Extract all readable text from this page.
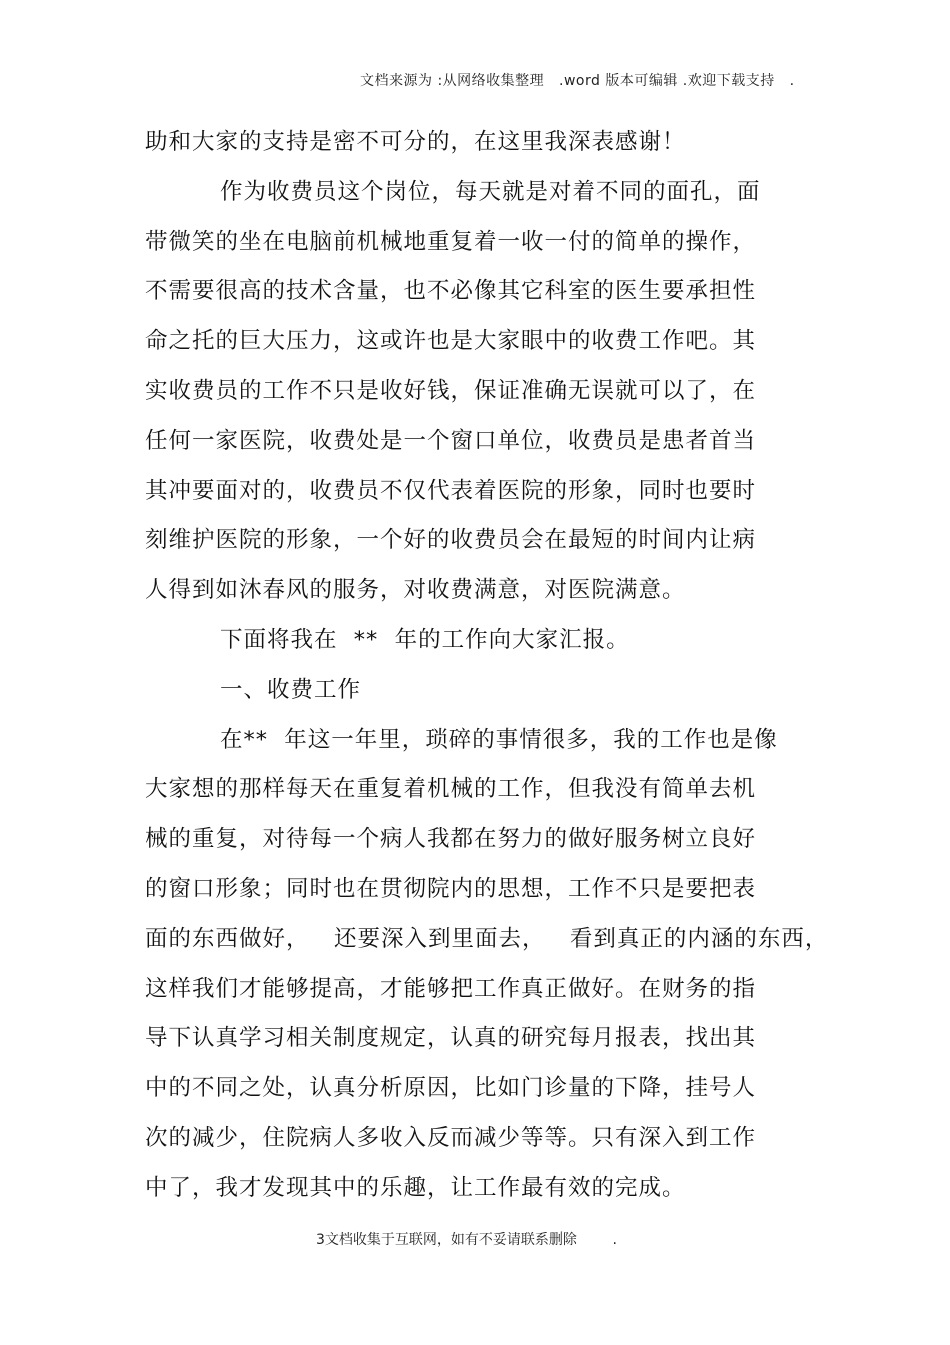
文档来源为 :从网络收集整理   .word 版本可编辑 .欢迎下载支持   .
助和大家的支持是密不可分的，在这里我深表感谢！
作为收费员这个岗位，每天就是对着不同的面孔，面
带微笑的坐在电脑前机械地重复着一收一付的简单的操作，
不需要很高的技术含量，也不必像其它科室的医生要承担性
命之托的巨大压力，这或许也是大家眼中的收费工作吧。其
实收费员的工作不只是收好钱，保证准确无误就可以了，在
任何一家医院，收费处是一个窗口单位，收费员是患者首当
其冲要面对的，收费员不仅代表着医院的形象，同时也要时
刻维护医院的形象，一个好的收费员会在最短的时间内让病
人得到如沐春风的服务，对收费满意，对医院满意。
下面将我在  **  年的工作向大家汇报。
一、收费工作
在**  年这一年里，琐碎的事情很多，我的工作也是像
大家想的那样每天在重复着机械的工作，但我没有简单去机
械的重复，对待每一个病人我都在努力的做好服务树立良好
的窗口形象；同时也在贯彻院内的思想，工作不只是要把表
面的东西做好，   还要深入到里面去，   看到真正的内涵的东西，
这样我们才能够提高，才能够把工作真正做好。在财务的指
导下认真学习相关制度规定，认真的研究每月报表，找出其
中的不同之处，认真分析原因，比如门诊量的下降，挂号人
次的减少，住院病人多收入反而减少等等。只有深入到工作
中了，我才发现其中的乐趣，让工作最有效的完成。
3文档收集于互联网，如有不妥请联系删除        .
